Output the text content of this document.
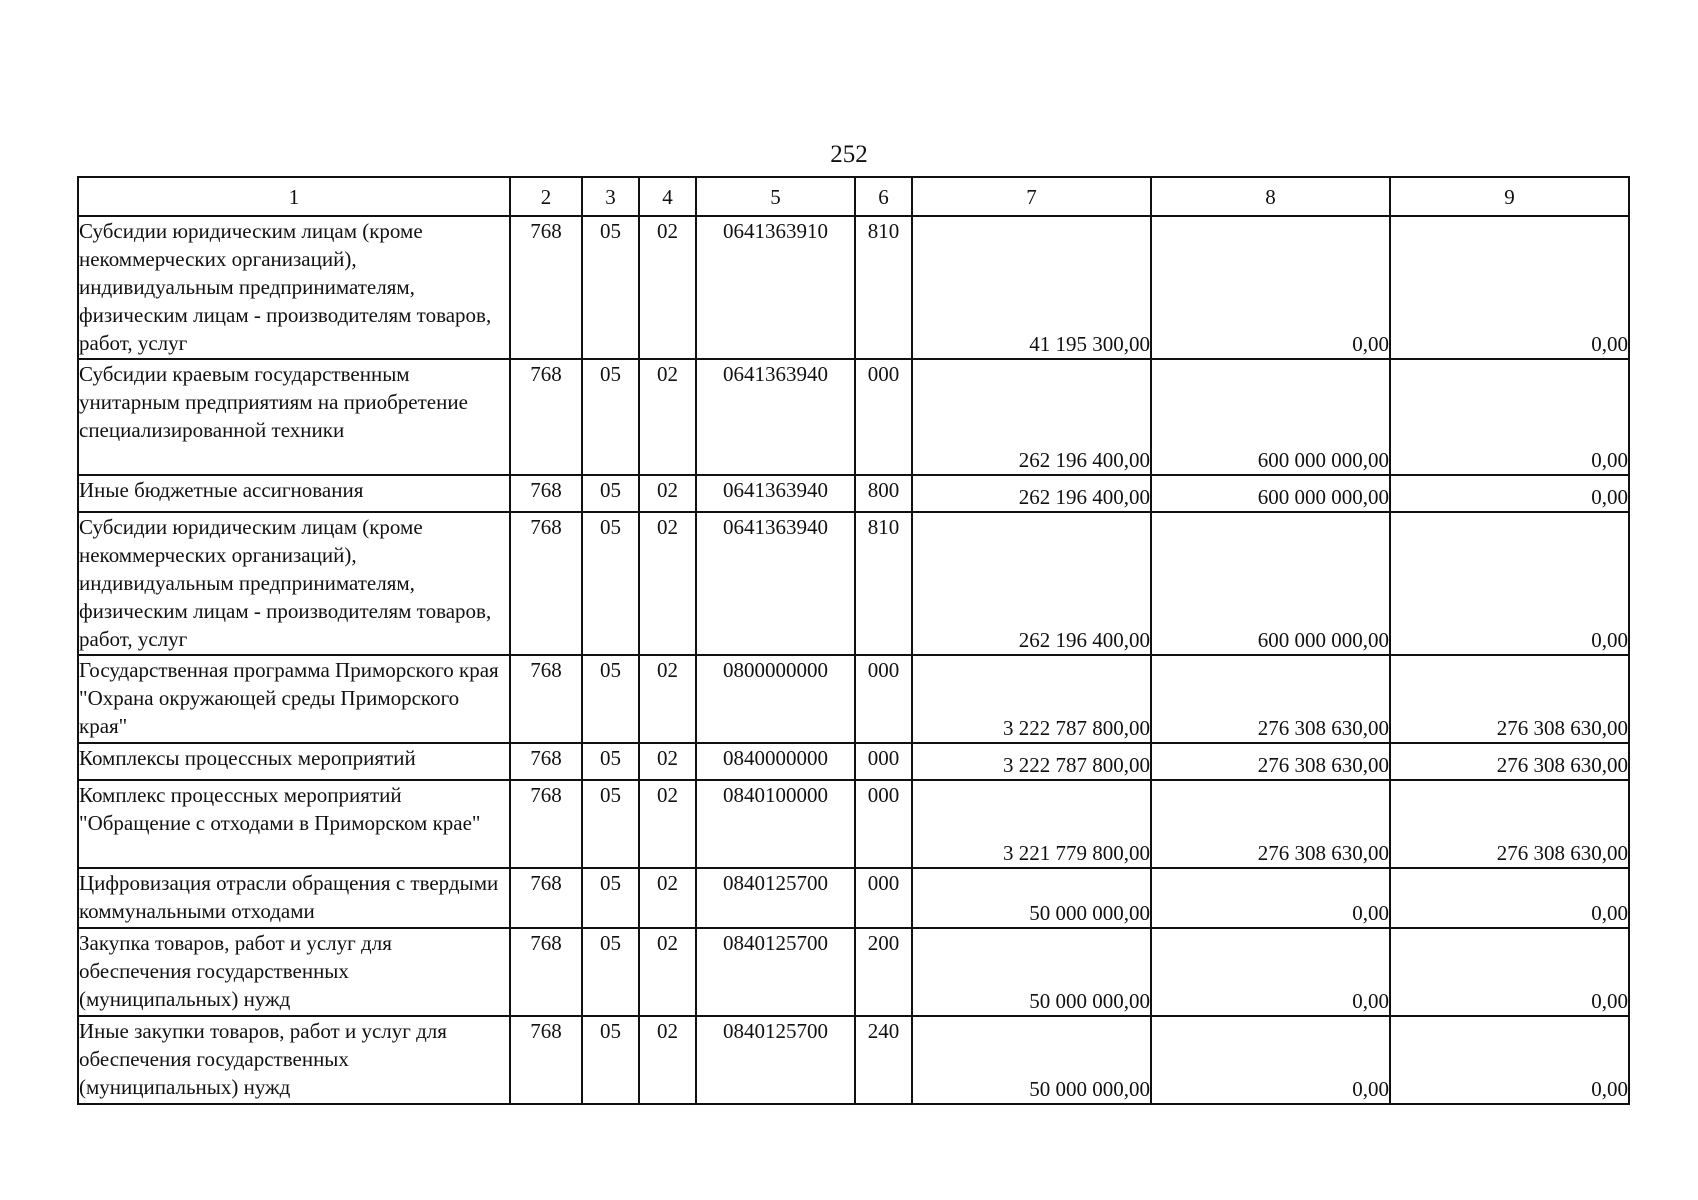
252
1	2	3	4	5	6	7	8	9
Субсидии юридическим лицам (кроме некоммерческих организаций), индивидуальным предпринимателям, физическим лицам - производителям товаров, работ, услуг	768	05	02	0641363910	810	41 195 300,00	0,00	0,00
Субсидии краевым государственным унитарным предприятиям на приобретение специализированной техники	768	05	02	0641363940	000	262 196 400,00	600 000 000,00	0,00
Иные бюджетные ассигнования	768	05	02	0641363940	800	262 196 400,00	600 000 000,00	0,00
Субсидии юридическим лицам (кроме некоммерческих организаций), индивидуальным предпринимателям, физическим лицам - производителям товаров, работ, услуг	768	05	02	0641363940	810	262 196 400,00	600 000 000,00	0,00
Государственная программа Приморского края "Охрана окружающей среды Приморского края"	768	05	02	0800000000	000	3 222 787 800,00	276 308 630,00	276 308 630,00
Комплексы процессных мероприятий	768	05	02	0840000000	000	3 222 787 800,00	276 308 630,00	276 308 630,00
Комплекс процессных мероприятий "Обращение с отходами в Приморском крае"	768	05	02	0840100000	000	3 221 779 800,00	276 308 630,00	276 308 630,00
Цифровизация отрасли обращения с твердыми коммунальными отходами	768	05	02	0840125700	000	50 000 000,00	0,00	0,00
Закупка товаров, работ и услуг для обеспечения государственных (муниципальных) нужд	768	05	02	0840125700	200	50 000 000,00	0,00	0,00
Иные закупки товаров, работ и услуг для обеспечения государственных (муниципальных) нужд	768	05	02	0840125700	240	50 000 000,00	0,00	0,00
